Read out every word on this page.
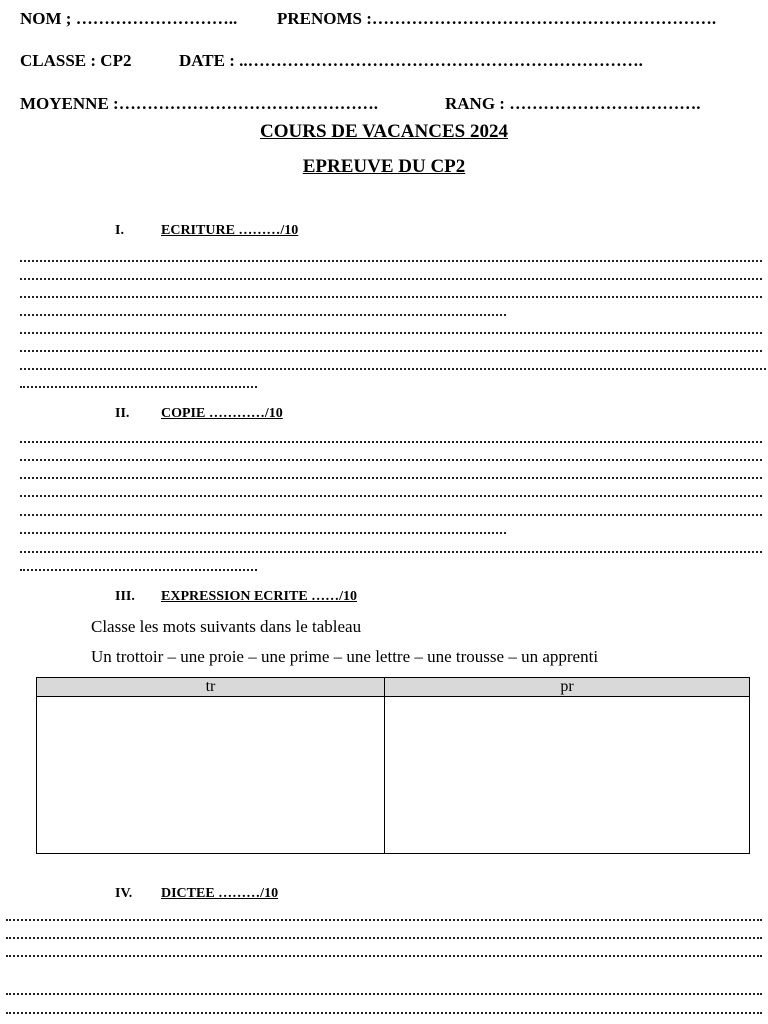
NOM ; ……………………….. PRENOMS :…………………………………………………….
CLASSE : CP2	DATE : ..…………………………………………………………….
MOYENNE :……………………………………….	RANG : …………………………….
COURS DE VACANCES 2024
EPREUVE DU CP2
I.	ECRITURE ………/10
II. COPIE …………/10
III. EXPRESSION ECRITE ……/10
Classe les mots suivants dans le tableau
Un trottoir – une proie – une prime – une lettre – une trousse – un apprenti
tr	pr

IV. DICTEE ………/10
